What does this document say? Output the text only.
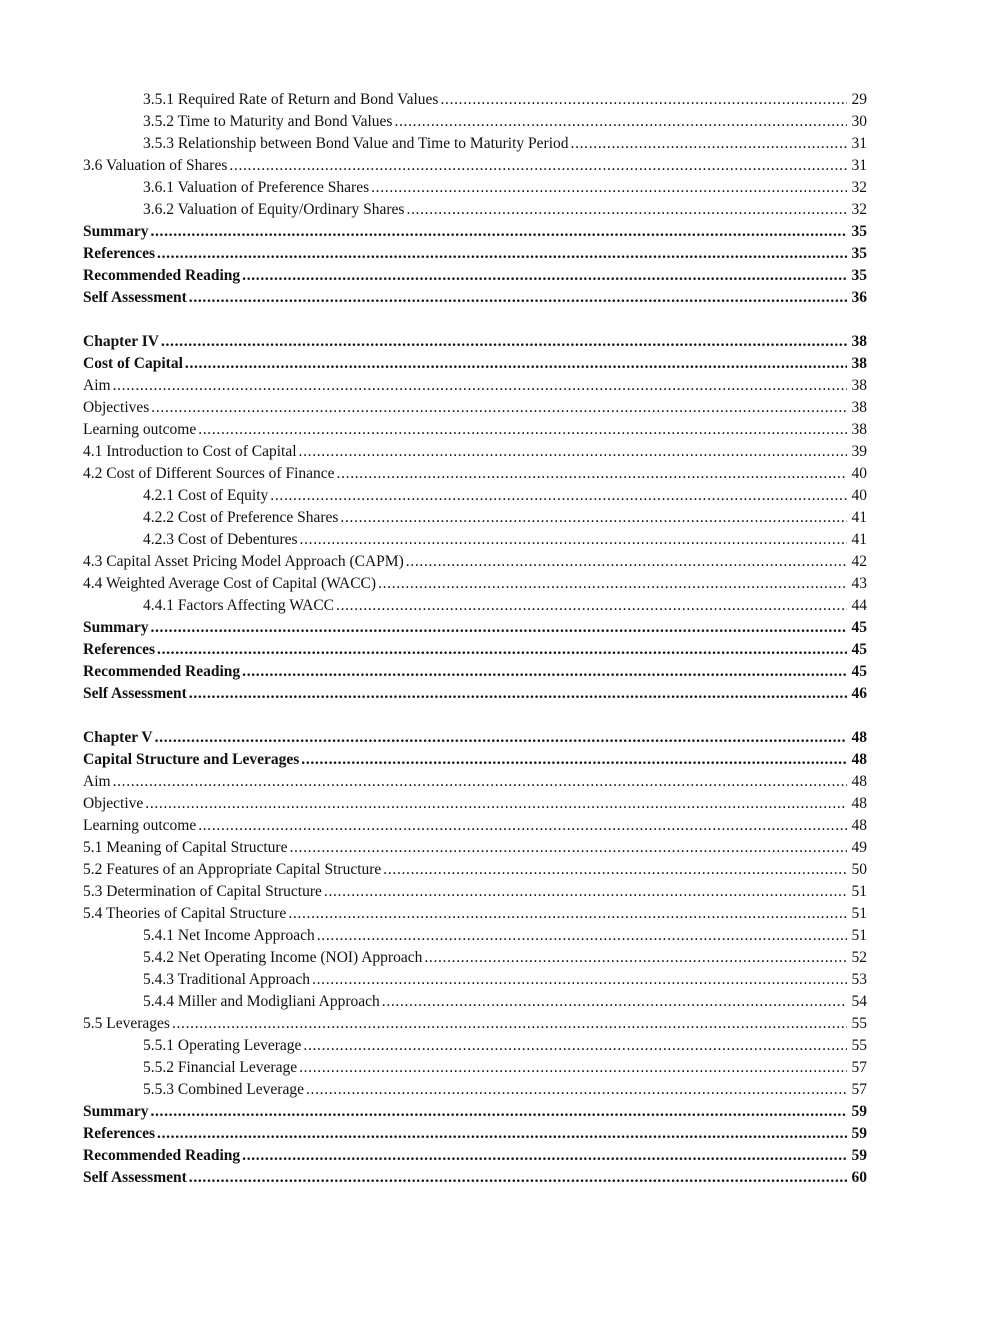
3.5.1 Required Rate of Return and Bond Values . . .	29
3.5.2 Time to Maturity and Bond Values . . .	30
3.5.3 Relationship between Bond Value and Time to Maturity Period . . .	31
3.6 Valuation of Shares . . .	31
3.6.1 Valuation of Preference Shares . . .	32
3.6.2 Valuation of Equity/Ordinary Shares . . .	32
Summary . . .	35
References . . .	35
Recommended Reading . . .	35
Self Assessment . . .	36
Chapter IV . . .	38
Cost of Capital . . .	38
Aim . . .	38
Objectives . . .	38
Learning outcome . . .	38
4.1 Introduction to Cost of Capital . . .	39
4.2 Cost of Different Sources of Finance . . .	40
4.2.1 Cost of Equity . . .	40
4.2.2 Cost of Preference Shares . . .	41
4.2.3 Cost of Debentures . . .	41
4.3 Capital Asset Pricing Model Approach (CAPM) . . .	42
4.4 Weighted Average Cost of Capital (WACC) . . .	43
4.4.1 Factors Affecting WACC . . .	44
Summary . . .	45
References . . .	45
Recommended Reading . . .	45
Self Assessment . . .	46
Chapter V . . .	48
Capital Structure and Leverages . . .	48
Aim . . .	48
Objective . . .	48
Learning outcome . . .	48
5.1 Meaning of Capital Structure . . .	49
5.2 Features of an Appropriate Capital Structure . . .	50
5.3 Determination of Capital Structure . . .	51
5.4 Theories of Capital Structure . . .	51
5.4.1 Net Income Approach . . .	51
5.4.2 Net Operating Income (NOI) Approach . . .	52
5.4.3 Traditional Approach . . .	53
5.4.4 Miller and Modigliani Approach . . .	54
5.5 Leverages . . .	55
5.5.1 Operating Leverage . . .	55
5.5.2 Financial Leverage . . .	57
5.5.3 Combined Leverage . . .	57
Summary . . .	59
References . . .	59
Recommended Reading . . .	59
Self Assessment . . .	60
